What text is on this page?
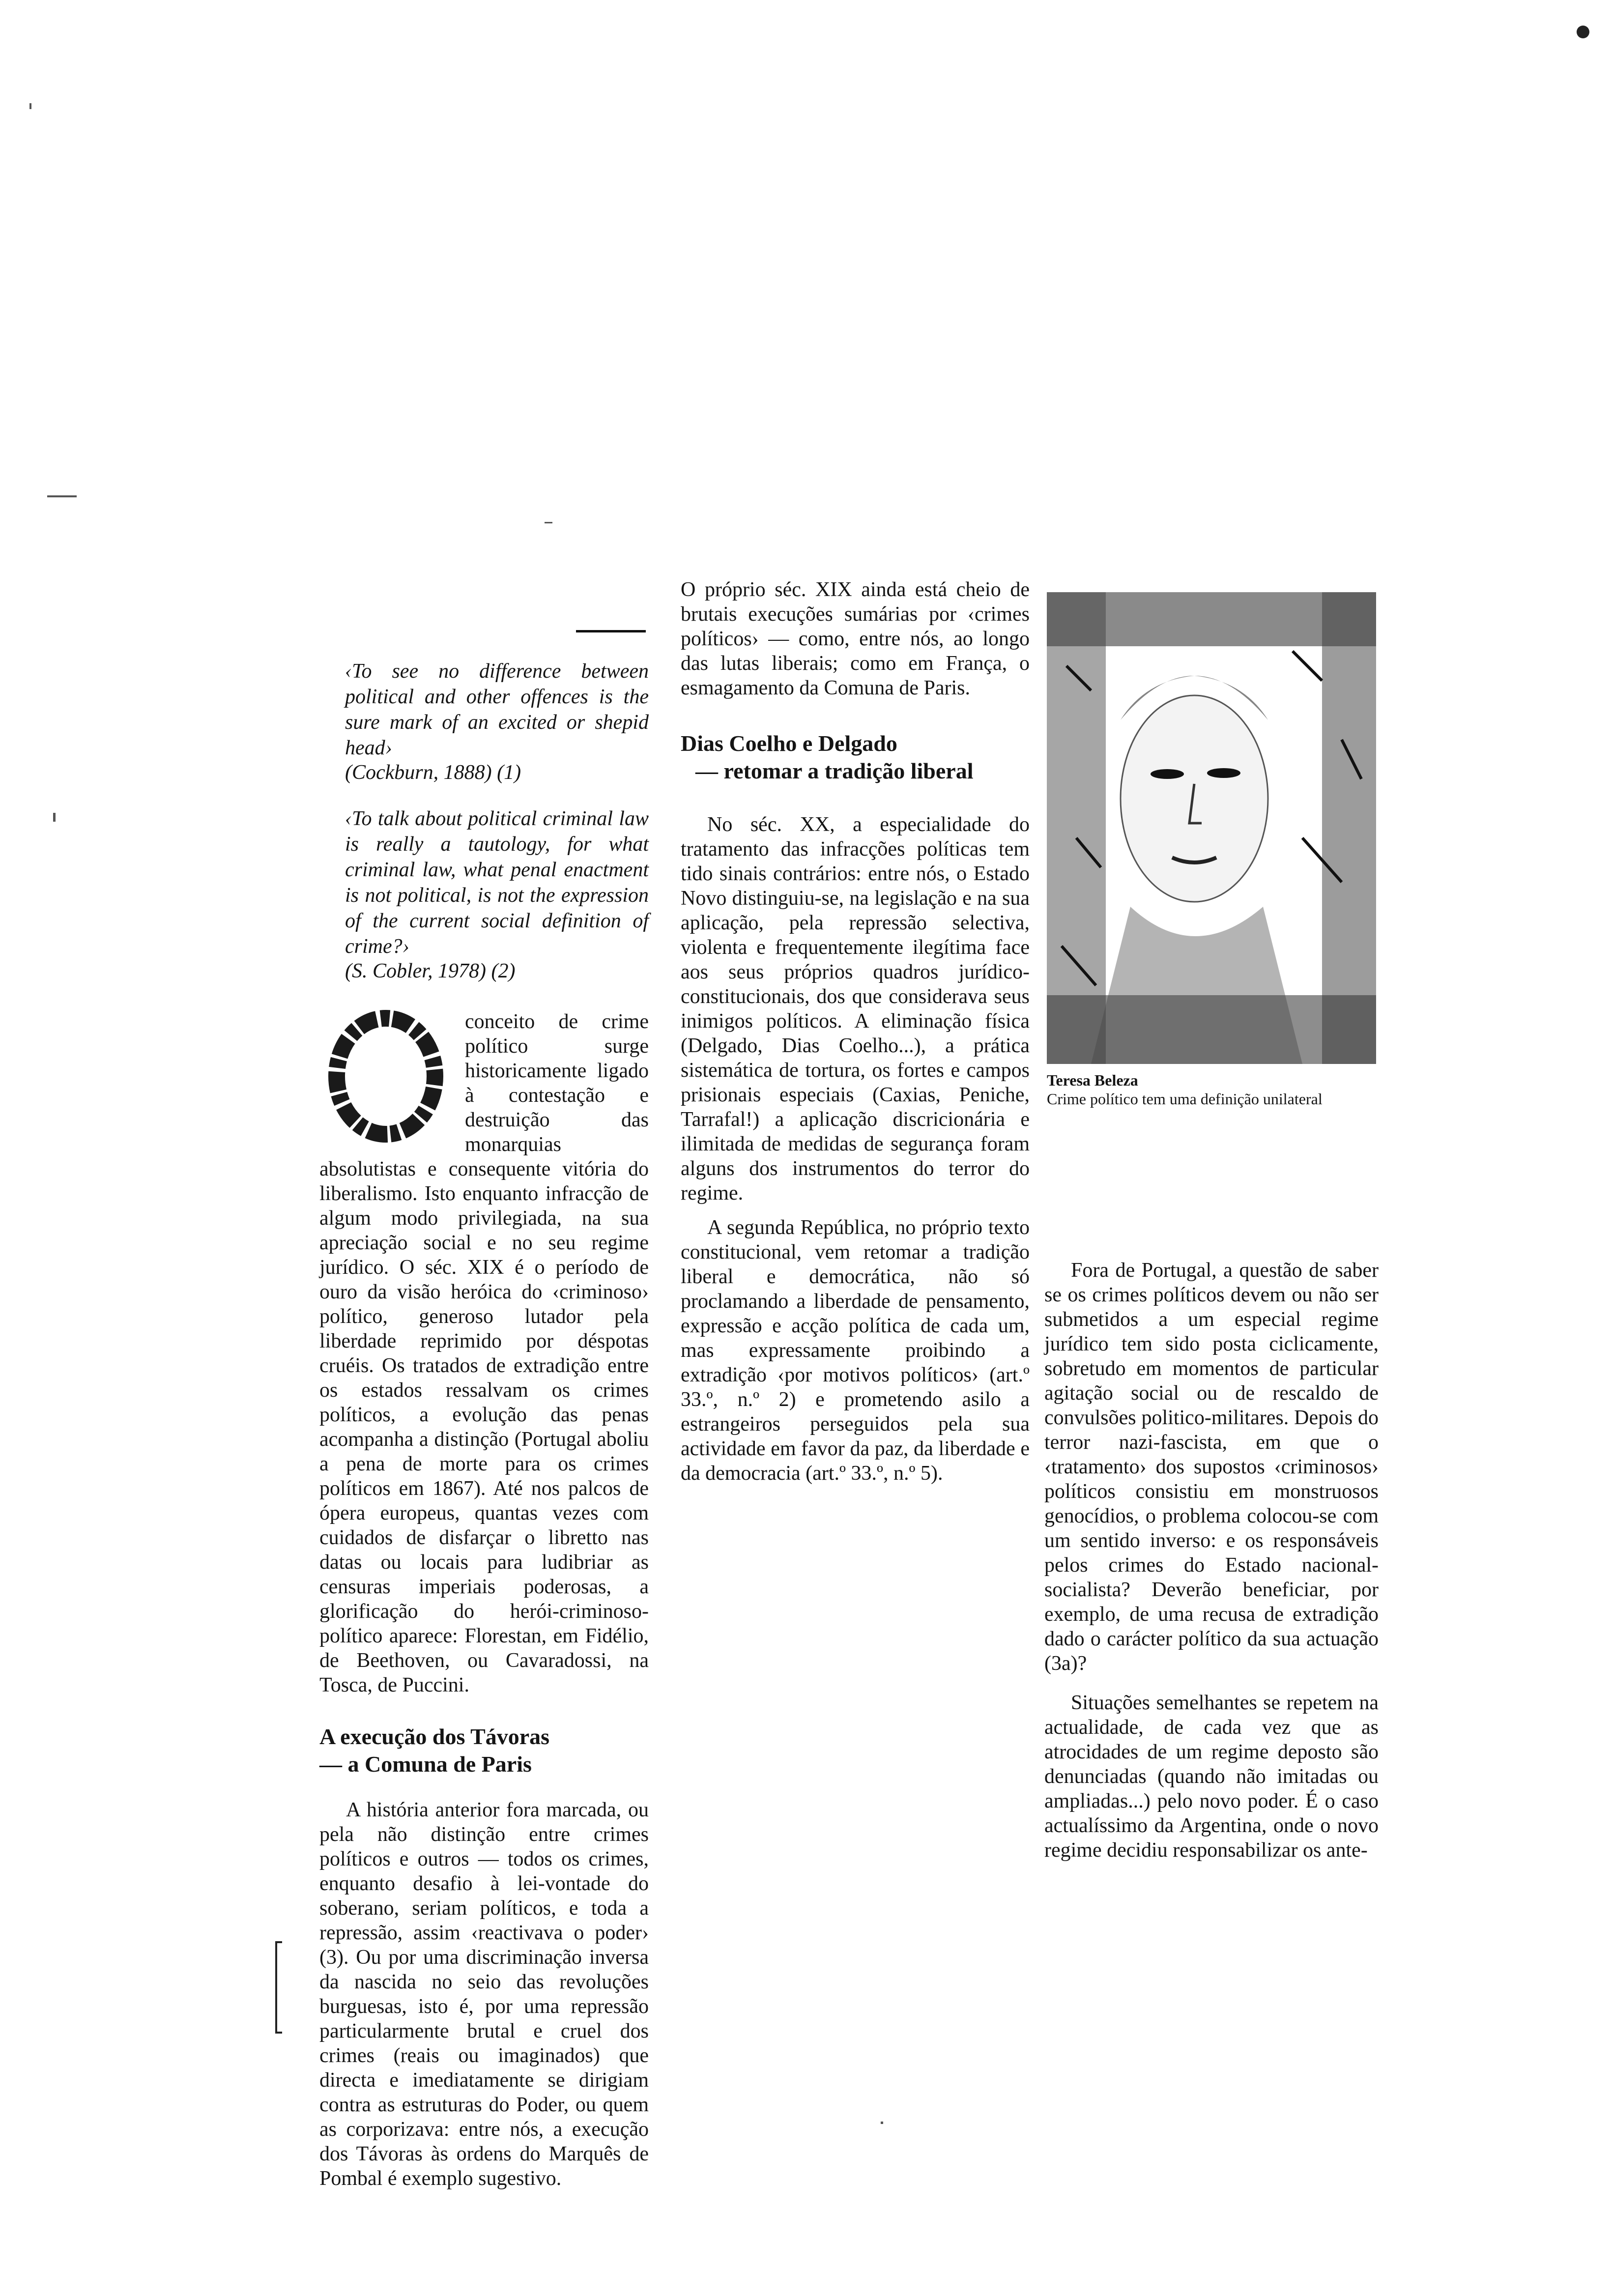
‹To see no difference between political and other offences is the sure mark of an excited or shepid head›

(Cockburn, 1888) (1)

‹To talk about political criminal law is really a tautology, for what criminal law, what penal enactment is not political, is not the expression of the current social definition of crime?›

(S. Cobler, 1978) (2)

conceito de crime político surge historicamente ligado à contestação e destruição das monarquias absolutistas e consequente vitória do liberalismo. Isto enquanto infracção de algum modo privilegiada, na sua apreciação social e no seu regime jurídico. O séc. XIX é o período de ouro da visão heróica do ‹criminoso› político, generoso lutador pela liberdade reprimido por déspotas cruéis. Os tratados de extradição entre os estados ressalvam os crimes políticos, a evolução das penas acompanha a distinção (Portugal aboliu a pena de morte para os crimes políticos em 1867). Até nos palcos de ópera europeus, quantas vezes com cuidados de disfarçar o libretto nas datas ou locais para ludibriar as censuras imperiais poderosas, a glorificação do herói-criminoso-político aparece: Florestan, em Fidélio, de Beethoven, ou Cavaradossi, na Tosca, de Puccini.

A execução dos Távoras

— a Comuna de Paris

A história anterior fora marcada, ou pela não distinção entre crimes políticos e outros — todos os crimes, enquanto desafio à lei-vontade do soberano, seriam políticos, e toda a repressão, assim ‹reactivava o poder› (3). Ou por uma discriminação inversa da nascida no seio das revoluções burguesas, isto é, por uma repressão particularmente brutal e cruel dos crimes (reais ou imaginados) que directa e imediatamente se dirigiam contra as estruturas do Poder, ou quem as corporizava: entre nós, a execução dos Távoras às ordens do Marquês de Pombal é exemplo sugestivo.

O próprio séc. XIX ainda está cheio de brutais execuções sumárias por ‹crimes políticos› — como, entre nós, ao longo das lutas liberais; como em França, o esmagamento da Comuna de Paris.

Dias Coelho e Delgado

— retomar a tradição liberal

No séc. XX, a especialidade do tratamento das infracções políticas tem tido sinais contrários: entre nós, o Estado Novo distinguiu-se, na legislação e na sua aplicação, pela repressão selectiva, violenta e frequentemente ilegítima face aos seus próprios quadros jurídico-constitucionais, dos que considerava seus inimigos políticos. A eliminação física (Delgado, Dias Coelho...), a prática sistemática de tortura, os fortes e campos prisionais especiais (Caxias, Peniche, Tarrafal!) a aplicação discricionária e ilimitada de medidas de segurança foram alguns dos instrumentos do terror do regime.

A segunda República, no próprio texto constitucional, vem retomar a tradição liberal e democrática, não só proclamando a liberdade de pensamento, expressão e acção política de cada um, mas expressamente proibindo a extradição ‹por motivos políticos› (art.º 33.º, n.º 2) e prometendo asilo a estrangeiros perseguidos pela sua actividade em favor da paz, da liberdade e da democracia (art.º 33.º, n.º 5).

Teresa Beleza
Crime político tem uma definição unilateral

Fora de Portugal, a questão de saber se os crimes políticos devem ou não ser submetidos a um especial regime jurídico tem sido posta ciclicamente, sobretudo em momentos de particular agitação social ou de rescaldo de convulsões politico-militares. Depois do terror nazi-fascista, em que o ‹tratamento› dos supostos ‹criminosos› políticos consistiu em monstruosos genocídios, o problema colocou-se com um sentido inverso: e os responsáveis pelos crimes do Estado nacional-socialista? Deverão beneficiar, por exemplo, de uma recusa de extradição dado o carácter político da sua actuação (3a)?

Situações semelhantes se repetem na actualidade, de cada vez que as atrocidades de um regime deposto são denunciadas (quando não imitadas ou ampliadas...) pelo novo poder. É o caso actualíssimo da Argentina, onde o novo regime decidiu responsabilizar os ante-
